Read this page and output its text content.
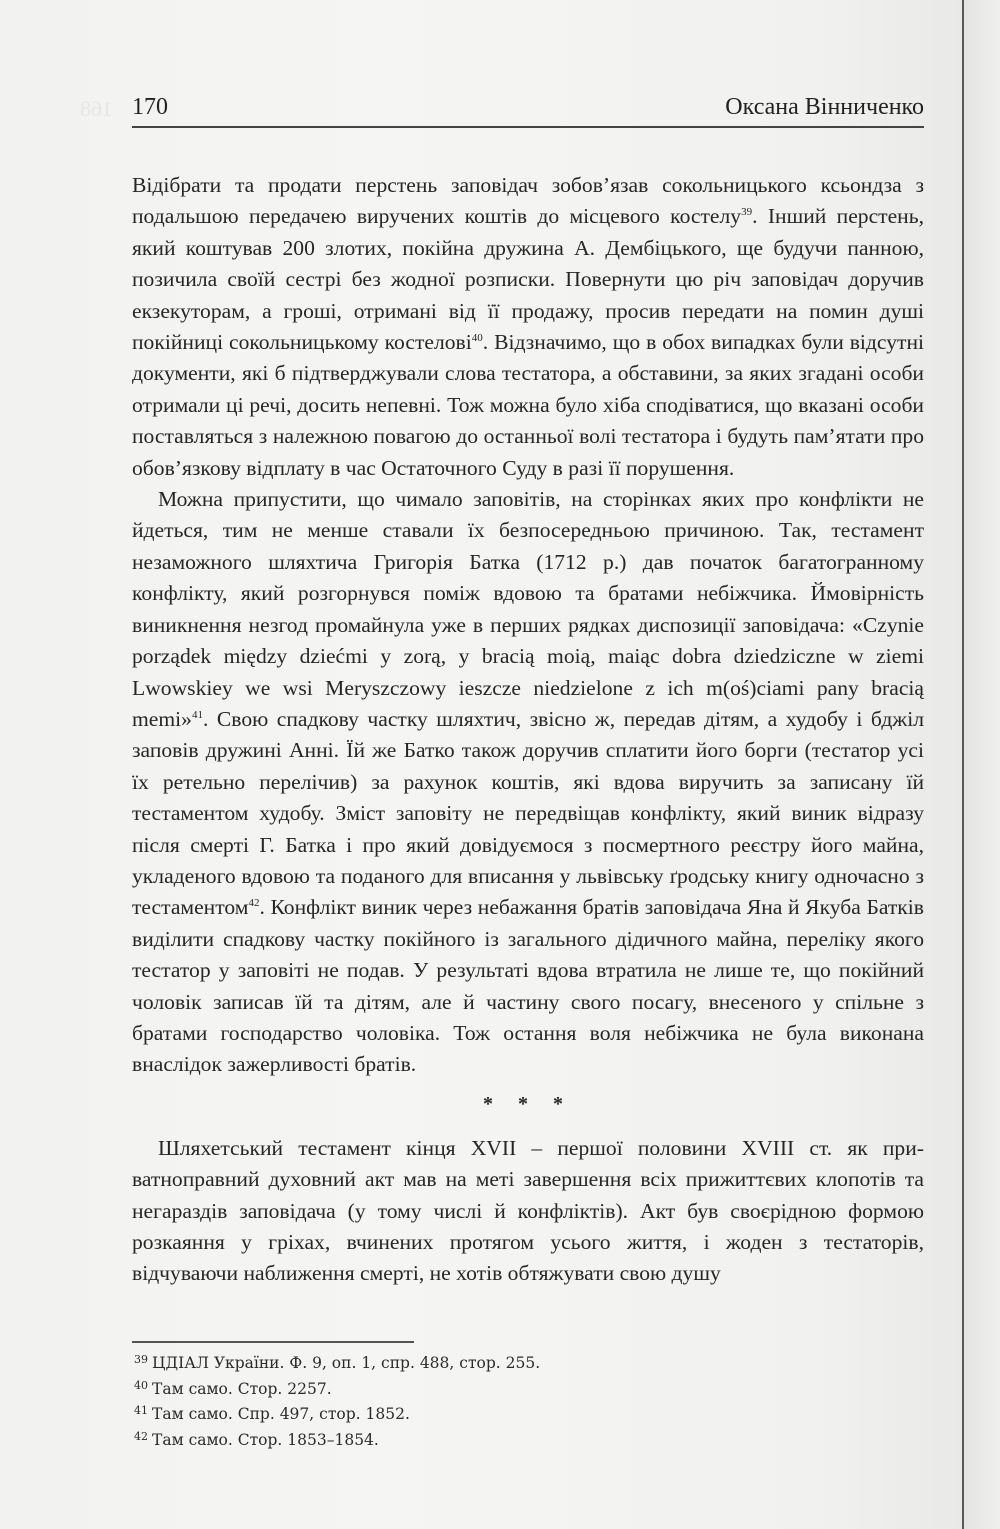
168 170	Оксана Вінниченко

Відібрати та продати перстень заповідач зобов’язав сокольницького ксьондза з подальшою передачею виручених коштів до місцевого костелу$^{39}$. Інший перстень, який коштував 200 злотих, покійна дружина А. Дембіцького, ще будучи панною, позичила своїй сестрі без жодної розписки. Повернути цю річ заповідач доручив екзекуторам, а гроші, отримані від її продажу, просив передати на помин душі покійниці сокольницькому костелові$^{40}$. Відзначимо, що в обох випадках були відсутні документи, які б підтверджували слова тестатора, а обставини, за яких згадані особи отримали ці речі, досить непевні. Тож можна було хіба сподіватися, що вказані особи поставляться з належною повагою до останньої волі тестатора і будуть пам’ятати про обов’язкову відплату в час Остаточного Суду в разі її порушення.

Можна припустити, що чимало заповітів, на сторінках яких про конфлікти не йдеться, тим не менше ставали їх безпосередньою причиною. Так, тестамент незаможного шляхтича Григорія Батка (1712 р.) дав початок багатогранному конфлікту, який розгорнувся поміж вдовою та братами небіжчика. Ймовірність виникнення незгод промайнула уже в перших рядках диспозиції заповідача: «Czynie porządek między dziećmi y zorą, y bracią moią, maiąc dobra dziedziczne w ziemi Lwowskiey we wsi Meryszczowy ieszcze niedzielone z ich m(oś)ciami pany bracią memi»$^{41}$. Свою спадкову частку шляхтич, звісно ж, передав дітям, а худобу і бджіл заповів дружині Анні. Їй же Батко також доручив сплатити його борги (тестатор усі їх ретельно перелічив) за рахунок коштів, які вдова виручить за записану їй тестаментом худобу. Зміст заповіту не передвіщав конфлікту, який виник відразу після смерті Г. Батка і про який довідуємося з посмертного реєстру його майна, укладеного вдовою та поданого для вписання у львівську ґродську книгу одночасно з тестаментом$^{42}$. Конфлікт виник через небажання братів заповідача Яна й Якуба Батків виділити спадкову частку покійного із загального дідичного майна, переліку якого тестатор у заповіті не подав. У результаті вдова втратила не лише те, що покійний чоловік записав їй та дітям, але й частину свого посагу, внесеного у спільне з братами господарство чоловіка. Тож остання воля небіжчика не була виконана внаслідок зажерливості братів.

* * *

Шляхетський тестамент кінця XVII – першої половини XVIII ст. як приватноправний духовний акт мав на меті завершення всіх прижиттєвих клопотів та негараздів заповідача (у тому числі й конфліктів). Акт був своєрідною формою розкаяння у гріхах, вчинених протягом усього життя, і жоден з тестаторів, відчуваючи наближення смерті, не хотів обтяжувати свою душу

$^{39}$ ЦДІАЛ України. Ф. 9, оп. 1, спр. 488, стор. 255.
$^{40}$ Там само. Стор. 2257.
$^{41}$ Там само. Спр. 497, стор. 1852.
$^{42}$ Там само. Стор. 1853–1854.
